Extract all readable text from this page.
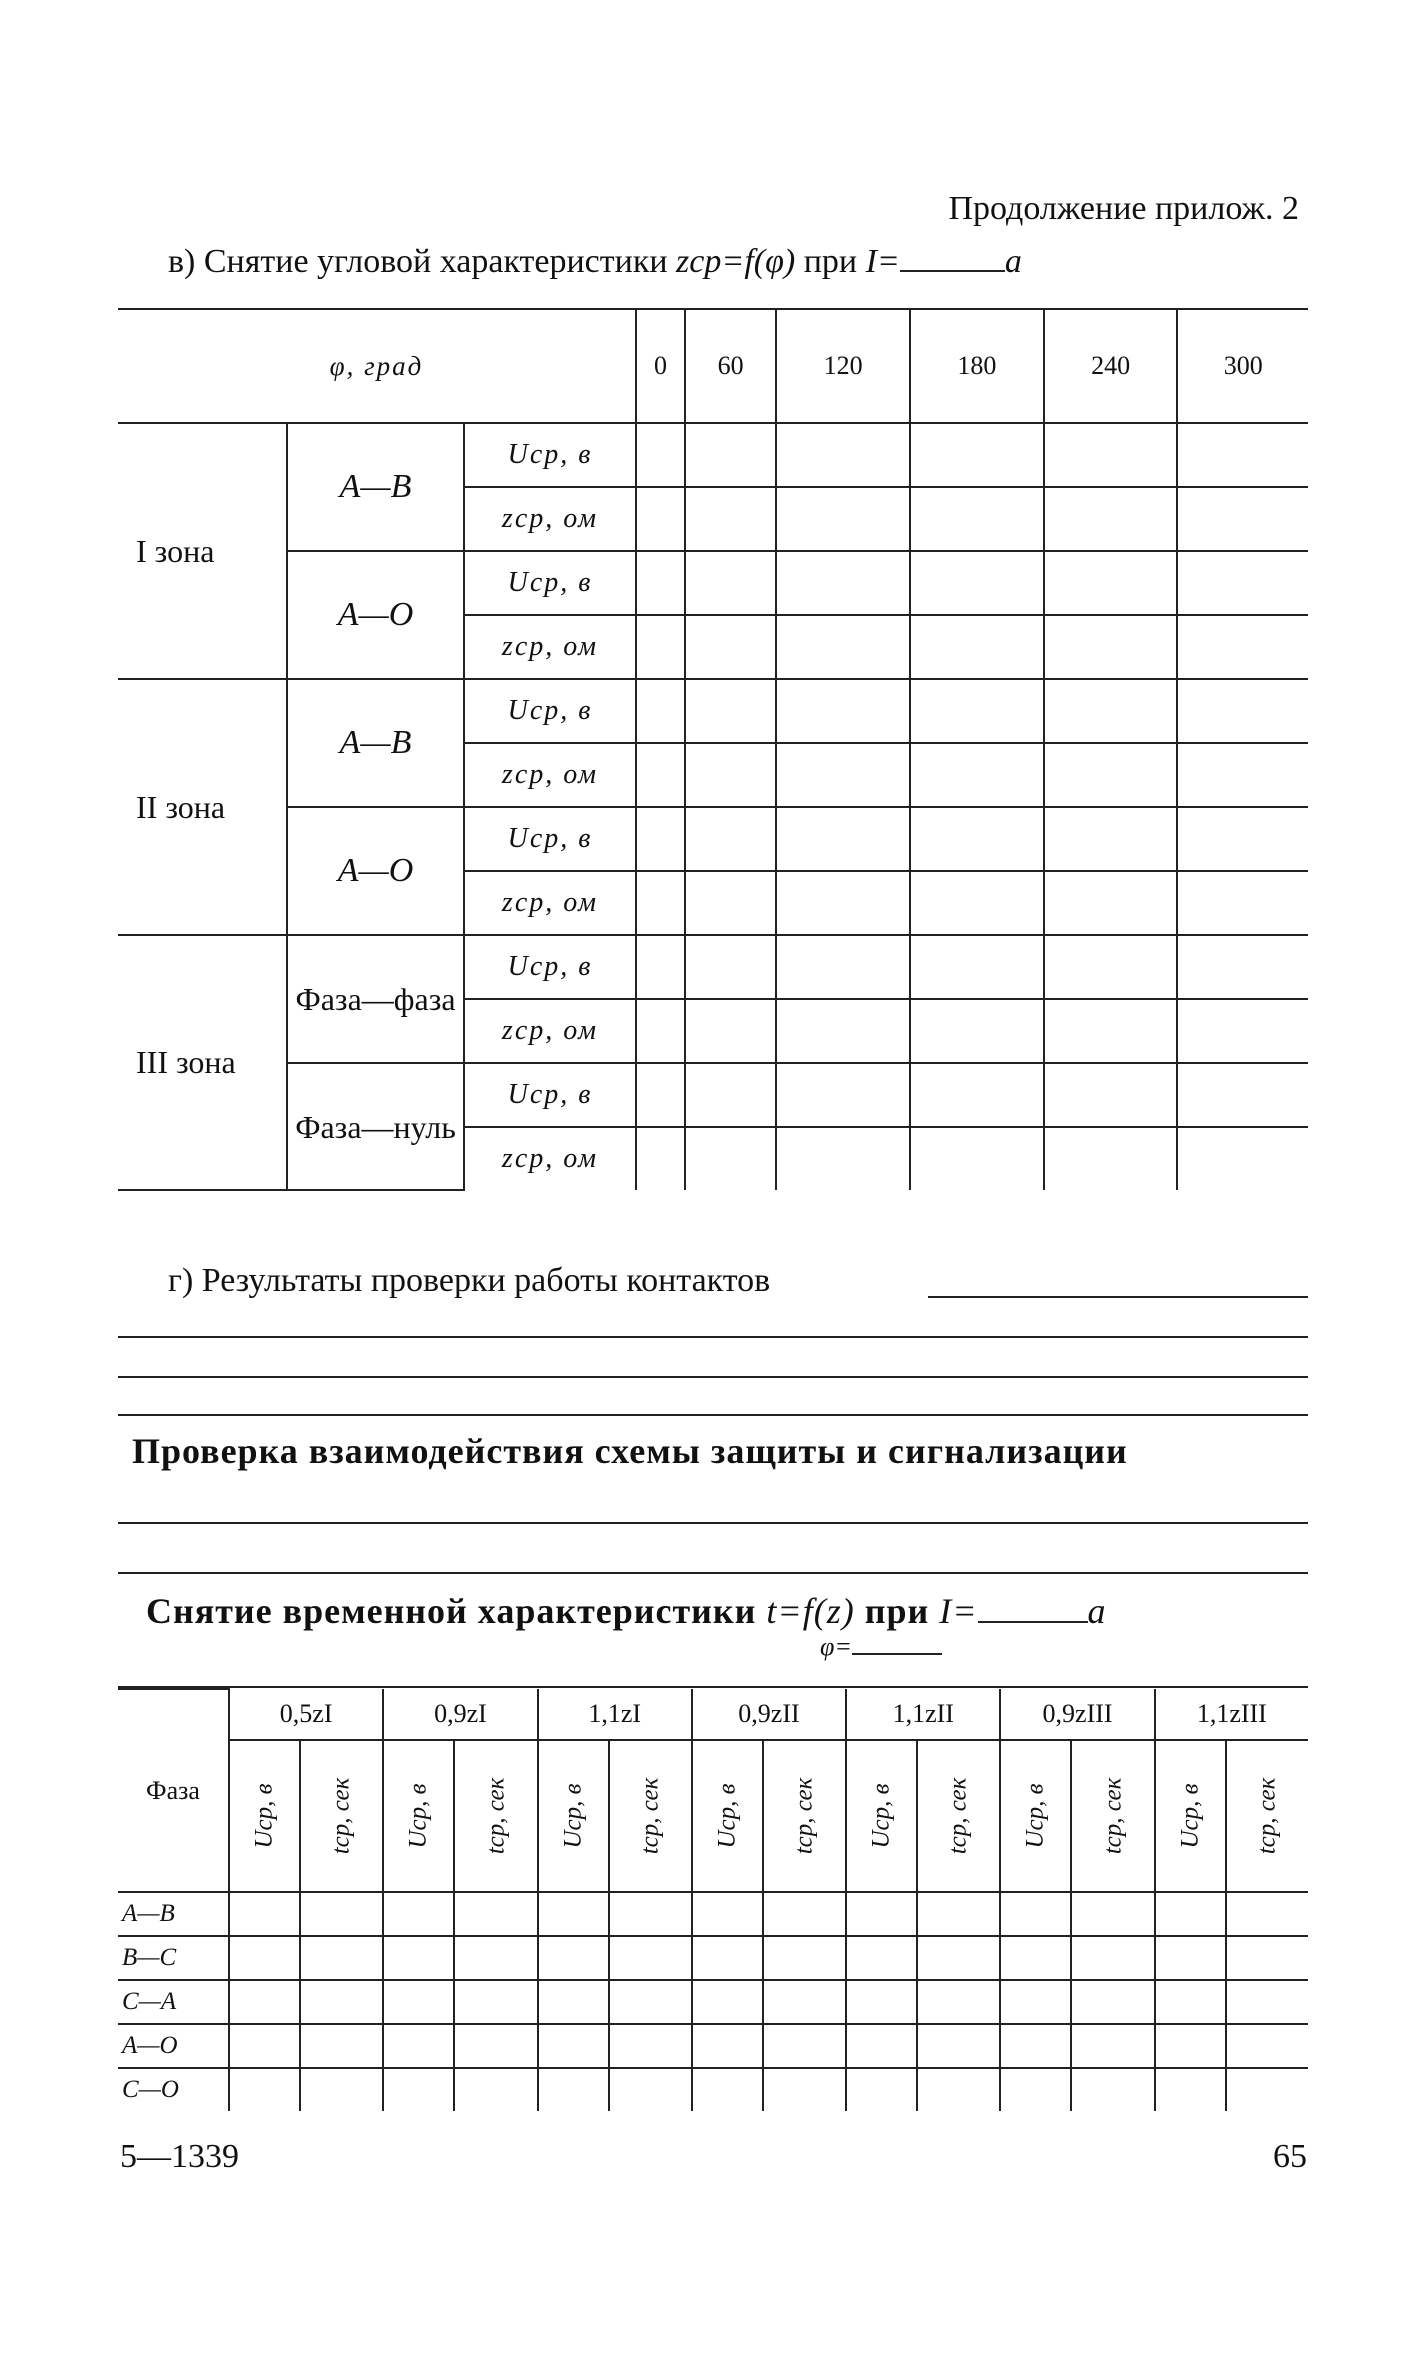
Продолжение прилож. 2
в) Снятие угловой характеристики zср=f(φ) при I=	a
φ, град			0	60	120	180	240	300
I зона	A—B	Uср, в						
		zср, ом						
	A—O	Uср, в						
		zср, ом						
II зона	A—B	Uср, в						
		zср, ом						
	A—O	Uср, в						
		zср, ом						
III зона	Фаза—фаза	Uср, в						
		zср, ом						
	Фаза—нуль	Uср, в						
		zср, ом						
г) Результаты проверки работы контактов
Проверка взаимодействия схемы защиты и сигнализации
Снятие временной характеристики t=f(z) при I=	a
φ=
Фаза	0,5zI		0,9zI		1,1zI		0,9zII		1,1zII		0,9zIII		1,1zIII	
	Uср, в	tср, сек	Uср, в	tср, сек	Uср, в	tср, сек	Uср, в	tср, сек	Uср, в	tср, сек	Uср, в	tср, сек	Uср, в	tср, сек
A—B														
B—C														
C—A														
A—O														
C—O														
5—1339	65
